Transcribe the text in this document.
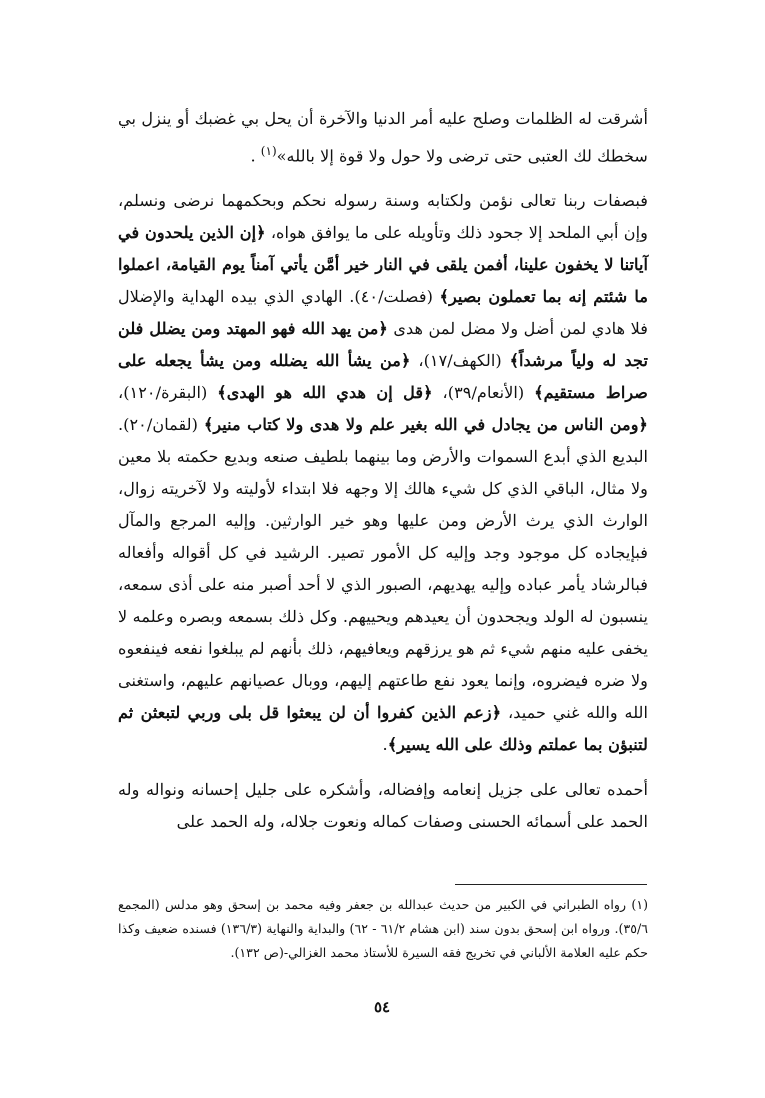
أشرقت له الظلمات وصلح عليه أمر الدنيا والآخرة أن يحل بي غضبك أو ينزل بي سخطك لك العتبى حتى ترضى ولا حول ولا قوة إلا بالله»$^{(١)}$ .

فبصفات ربنا تعالى نؤمن ولكتابه وسنة رسوله نحكم وبحكمهما نرضى ونسلم، وإن أبي الملحد إلا جحود ذلك وتأويله على ما يوافق هواه، ﴿إن الذين يلحدون في آياتنا لا يخفون علينا، أفمن يلقى في النار خير أمَّن يأتي آمناً يوم القيامة، اعملوا ما شئتم إنه بما تعملون بصير﴾ (فصلت/٤٠). الهادي الذي بيده الهداية والإضلال فلا هادي لمن أضل ولا مضل لمن هدى ﴿من يهد الله فهو المهتد ومن يضلل فلن تجد له ولياً مرشداً﴾ (الكهف/١٧)، ﴿من يشأ الله يضلله ومن يشأ يجعله على صراط مستقيم﴾ (الأنعام/٣٩)، ﴿قل إن هدي الله هو الهدى﴾ (البقرة/١٢٠)، ﴿ومن الناس من يجادل في الله بغير علم ولا هدى ولا كتاب منير﴾ (لقمان/٢٠). البديع الذي أبدع السموات والأرض وما بينهما بلطيف صنعه وبديع حكمته بلا معين ولا مثال، الباقي الذي كل شيء هالك إلا وجهه فلا ابتداء لأوليته ولا لآخريته زوال، الوارث الذي يرث الأرض ومن عليها وهو خير الوارثين. وإليه المرجع والمآل فبإيجاده كل موجود وجد وإليه كل الأمور تصير. الرشيد في كل أقواله وأفعاله فبالرشاد يأمر عباده وإليه يهديهم، الصبور الذي لا أحد أصبر منه على أذى سمعه، ينسبون له الولد ويجحدون أن يعيدهم ويحييهم. وكل ذلك بسمعه وبصره وعلمه لا يخفى عليه منهم شيء ثم هو يرزقهم ويعافيهم، ذلك بأنهم لم يبلغوا نفعه فينفعوه ولا ضره فيضروه، وإنما يعود نفع طاعتهم إليهم، ووبال عصيانهم عليهم، واستغنى الله والله غني حميد، ﴿زعم الذين كفروا أن لن يبعثوا قل بلى وربي لتبعثن ثم لتنبؤن بما عملتم وذلك على الله يسير﴾.

أحمده تعالى على جزيل إنعامه وإفضاله، وأشكره على جليل إحسانه ونواله وله الحمد على أسمائه الحسنى وصفات كماله ونعوت جلاله، وله الحمد على

(١) رواه الطبراني في الكبير من حديث عبدالله بن جعفر وفيه محمد بن إسحق وهو مدلس (المجمع ٣٥/٦). ورواه ابن إسحق بدون سند (ابن هشام ٦١/٢ - ٦٢) والبداية والنهاية (١٣٦/٣) فسنده ضعيف وكذا حكم عليه العلامة الألباني في تخريج فقه السيرة للأستاذ محمد الغزالي-(ص ١٣٢).

٥٤
